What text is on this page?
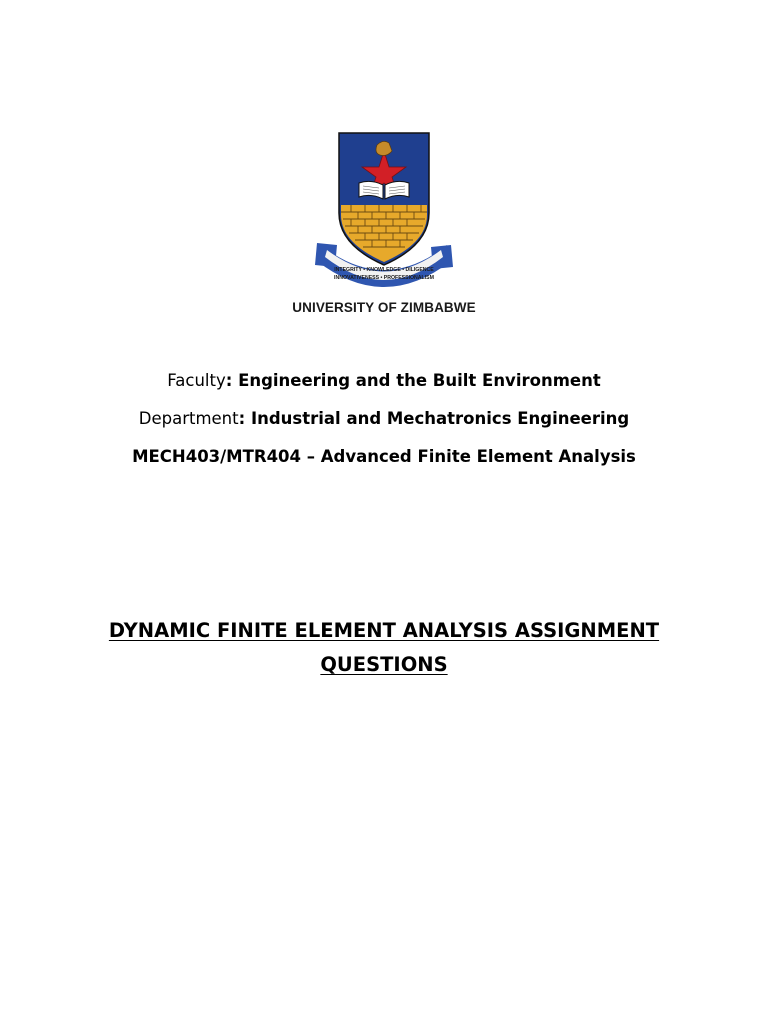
INTEGRITY • KNOWLEDGE • DILIGENCE
INNOVATIVENESS • PROFESSIONALISM
UNIVERSITY OF ZIMBABWE
Faculty: Engineering and the Built Environment
Department: Industrial and Mechatronics Engineering
MECH403/MTR404 – Advanced Finite Element Analysis
DYNAMIC FINITE ELEMENT ANALYSIS ASSIGNMENT QUESTIONS
